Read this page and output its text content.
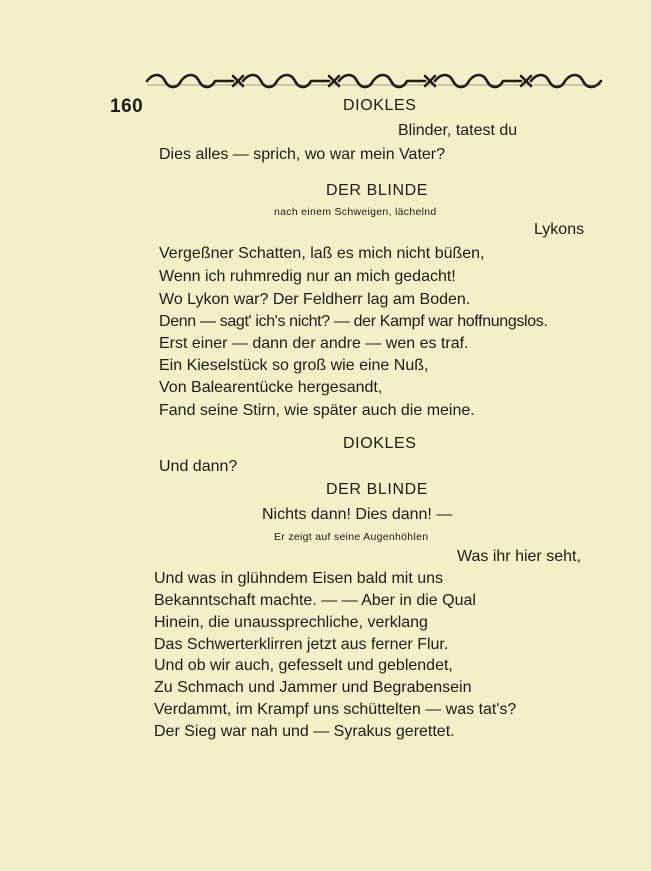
160	DIOKLES
Blinder, tatest du
Dies alles — sprich, wo war mein Vater?
DER BLINDE
nach einem Schweigen, lächelnd
Lykons
Vergeßner Schatten, laß es mich nicht büßen,
Wenn ich ruhmredig nur an mich gedacht!
Wo Lykon war? Der Feldherr lag am Boden.
Denn — sagt' ich's nicht? — der Kampf war hoffnungslos.
Erst einer — dann der andre — wen es traf.
Ein Kieselstück so groß wie eine Nuß,
Von Balearentücke hergesandt,
Fand seine Stirn, wie später auch die meine.
DIOKLES
Und dann?
DER BLINDE
Nichts dann! Dies dann! —
Er zeigt auf seine Augenhöhlen
Was ihr hier seht,
Und was in glühndem Eisen bald mit uns
Bekanntschaft machte. — — Aber in die Qual
Hinein, die unaussprechliche, verklang
Das Schwerterklirren jetzt aus ferner Flur.
Und ob wir auch, gefesselt und geblendet,
Zu Schmach und Jammer und Begrabensein
Verdammt, im Krampf uns schüttelten — was tat's?
Der Sieg war nah und — Syrakus gerettet.
